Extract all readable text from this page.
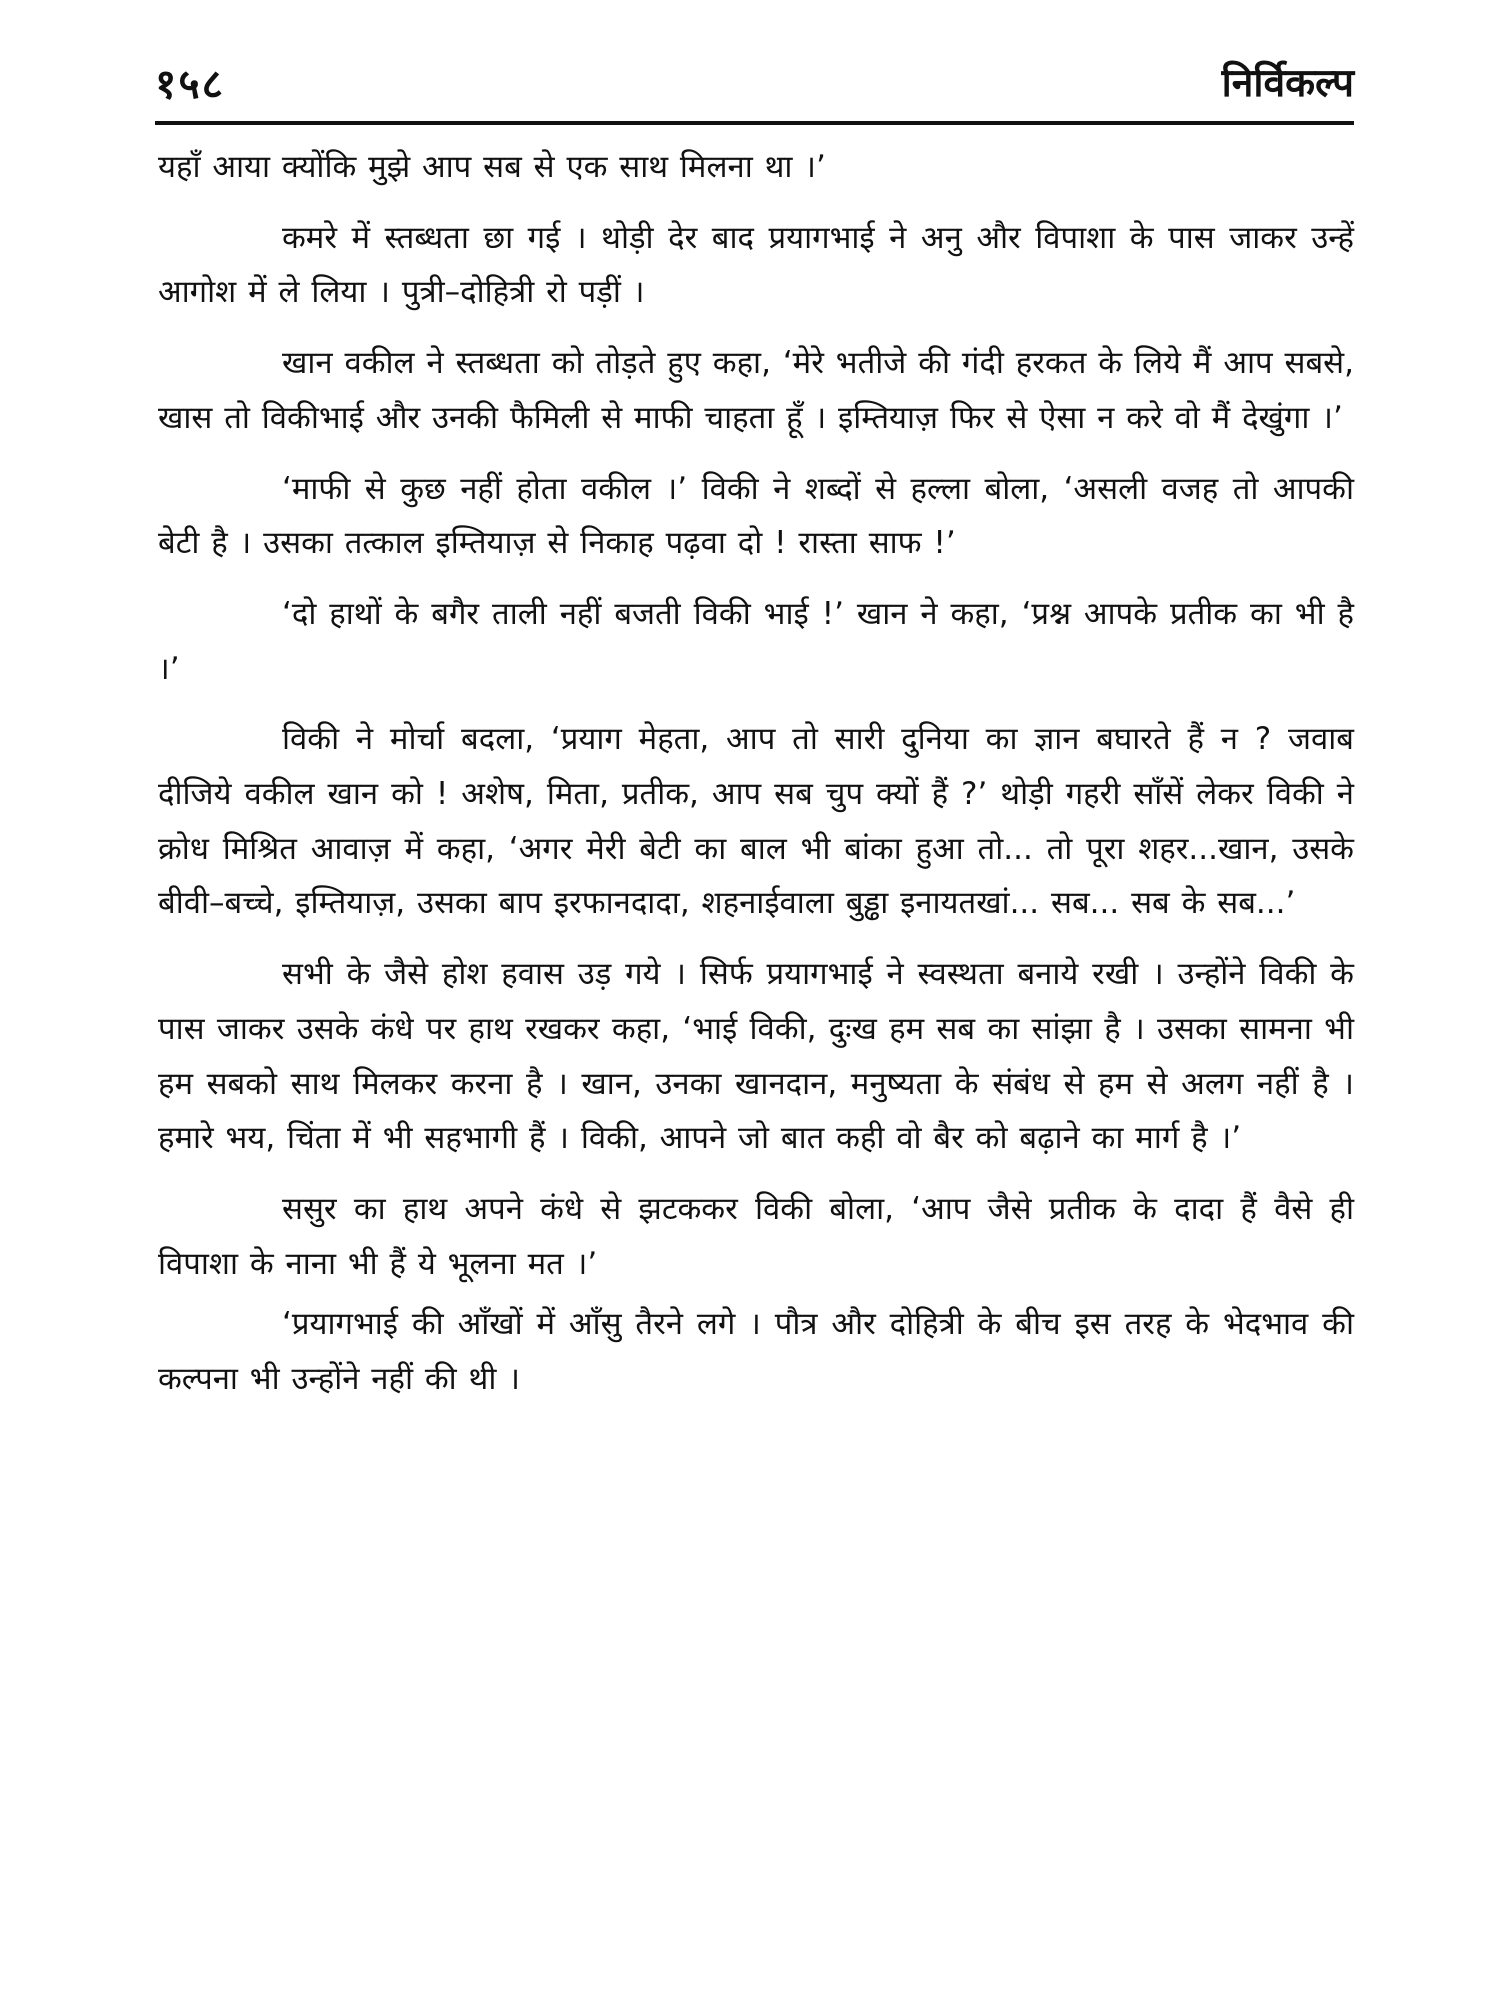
१५८	निर्विकल्प

यहाँ आया क्योंकि मुझे आप सब से एक साथ मिलना था ।’

कमरे में स्तब्धता छा गई । थोड़ी देर बाद प्रयागभाई ने अनु और विपाशा के पास जाकर उन्हें आगोश में ले लिया । पुत्री–दोहित्री रो पड़ीं ।

खान वकील ने स्तब्धता को तोड़ते हुए कहा, ‘मेरे भतीजे की गंदी हरकत के लिये मैं आप सबसे, खास तो विकीभाई और उनकी फैमिली से माफी चाहता हूँ । इम्तियाज़ फिर से ऐसा न करे वो मैं देखुंगा ।’

‘माफी से कुछ नहीं होता वकील ।’ विकी ने शब्दों से हल्ला बोला, ‘असली वजह तो आपकी बेटी है । उसका तत्काल इम्तियाज़ से निकाह पढ़वा दो ! रास्ता साफ !’

‘दो हाथों के बगैर ताली नहीं बजती विकी भाई !’ खान ने कहा, ‘प्रश्न आपके प्रतीक का भी है ।’

विकी ने मोर्चा बदला, ‘प्रयाग मेहता, आप तो सारी दुनिया का ज्ञान बघारते हैं न ? जवाब दीजिये वकील खान को ! अशेष, मिता, प्रतीक, आप सब चुप क्यों हैं ?’ थोड़ी गहरी साँसें लेकर विकी ने क्रोध मिश्रित आवाज़ में कहा, ‘अगर मेरी बेटी का बाल भी बांका हुआ तो... तो पूरा शहर...खान, उसके बीवी–बच्चे, इम्तियाज़, उसका बाप इरफानदादा, शहनाईवाला बुड्ढा इनायतखां... सब... सब के सब...’

सभी के जैसे होश हवास उड़ गये । सिर्फ प्रयागभाई ने स्वस्थता बनाये रखी । उन्होंने विकी के पास जाकर उसके कंधे पर हाथ रखकर कहा, ‘भाई विकी, दुःख हम सब का सांझा है । उसका सामना भी हम सबको साथ मिलकर करना है । खान, उनका खानदान, मनुष्यता के संबंध से हम से अलग नहीं है । हमारे भय, चिंता में भी सहभागी हैं । विकी, आपने जो बात कही वो बैर को बढ़ाने का मार्ग है ।’

ससुर का हाथ अपने कंधे से झटककर विकी बोला, ‘आप जैसे प्रतीक के दादा हैं वैसे ही विपाशा के नाना भी हैं ये भूलना मत ।’

‘प्रयागभाई की आँखों में आँसु तैरने लगे । पौत्र और दोहित्री के बीच इस तरह के भेदभाव की कल्पना भी उन्होंने नहीं की थी ।
